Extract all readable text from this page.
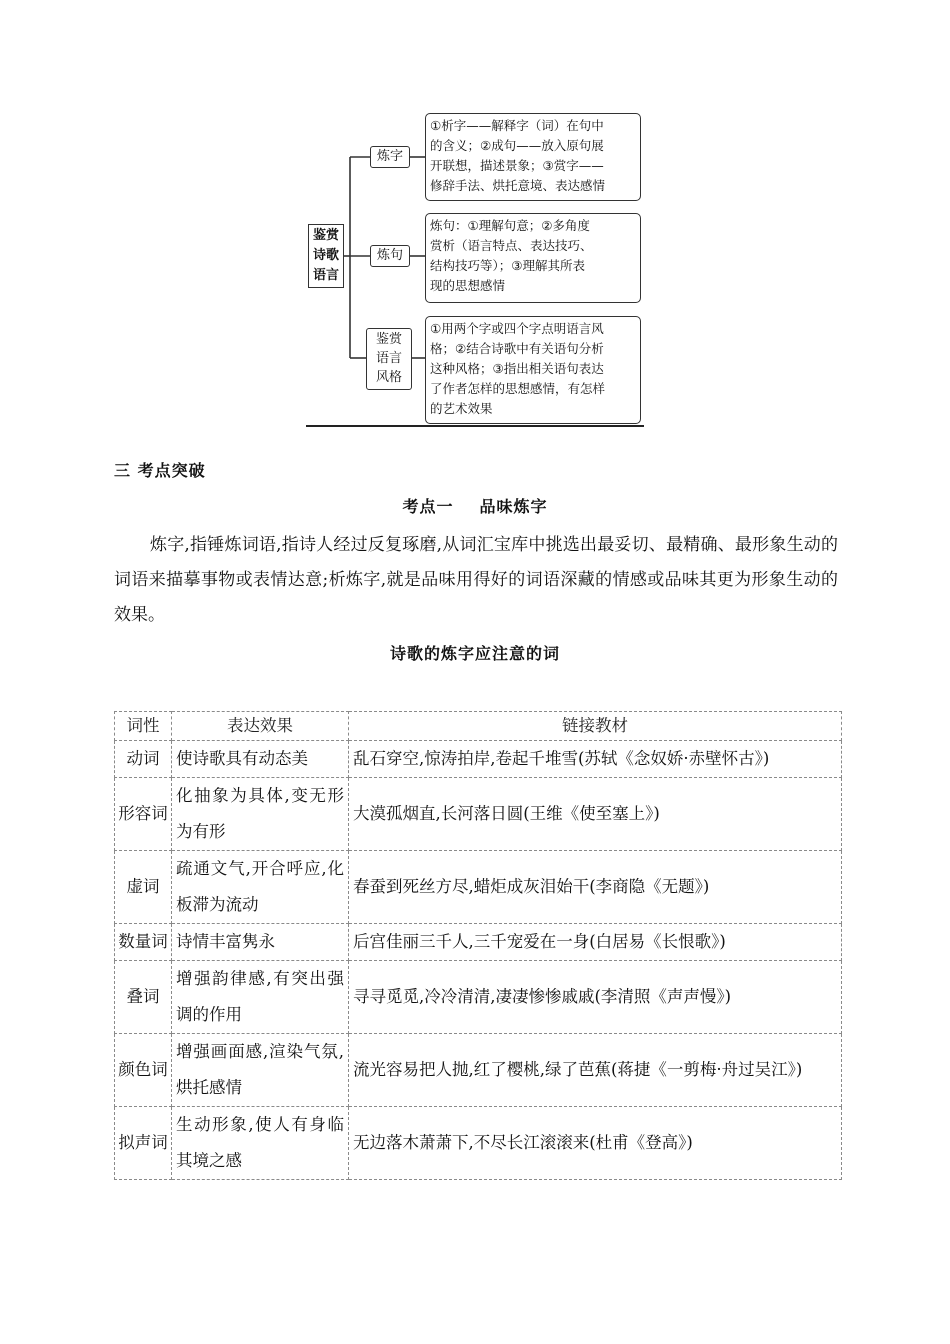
鉴赏
诗歌
语言
炼字
炼句
鉴赏
语言
风格
①析字——解释字（词）在句中
的含义；②成句——放入原句展
开联想，描述景象；③赏字——
修辞手法、烘托意境、表达感情
炼句：①理解句意；②多角度
赏析（语言特点、表达技巧、
结构技巧等）；③理解其所表
现的思想感情
①用两个字或四个字点明语言风
格；②结合诗歌中有关语句分析
这种风格；③指出相关语句表达
了作者怎样的思想感情，有怎样
的艺术效果
三 考点突破
考点一 品味炼字
炼字,指锤炼词语,指诗人经过反复琢磨,从词汇宝库中挑选出最妥切、最精确、最形象生动的词语来描摹事物或表情达意;析炼字,就是品味用得好的词语深藏的情感或品味其更为形象生动的效果。
诗歌的炼字应注意的词
词性	表达效果	链接教材
动词	使诗歌具有动态美	乱石穿空,惊涛拍岸,卷起千堆雪(苏轼《念奴娇·赤壁怀古》)
形容词	化抽象为具体,变无形为有形	大漠孤烟直,长河落日圆(王维《使至塞上》)
虚词	疏通文气,开合呼应,化板滞为流动	春蚕到死丝方尽,蜡炬成灰泪始干(李商隐《无题》)
数量词	诗情丰富隽永	后宫佳丽三千人,三千宠爱在一身(白居易《长恨歌》)
叠词	增强韵律感,有突出强调的作用	寻寻觅觅,冷冷清清,凄凄惨惨戚戚(李清照《声声慢》)
颜色词	增强画面感,渲染气氛,烘托感情	流光容易把人抛,红了樱桃,绿了芭蕉(蒋捷《一剪梅·舟过吴江》)
拟声词	生动形象,使人有身临其境之感	无边落木萧萧下,不尽长江滚滚来(杜甫《登高》)
